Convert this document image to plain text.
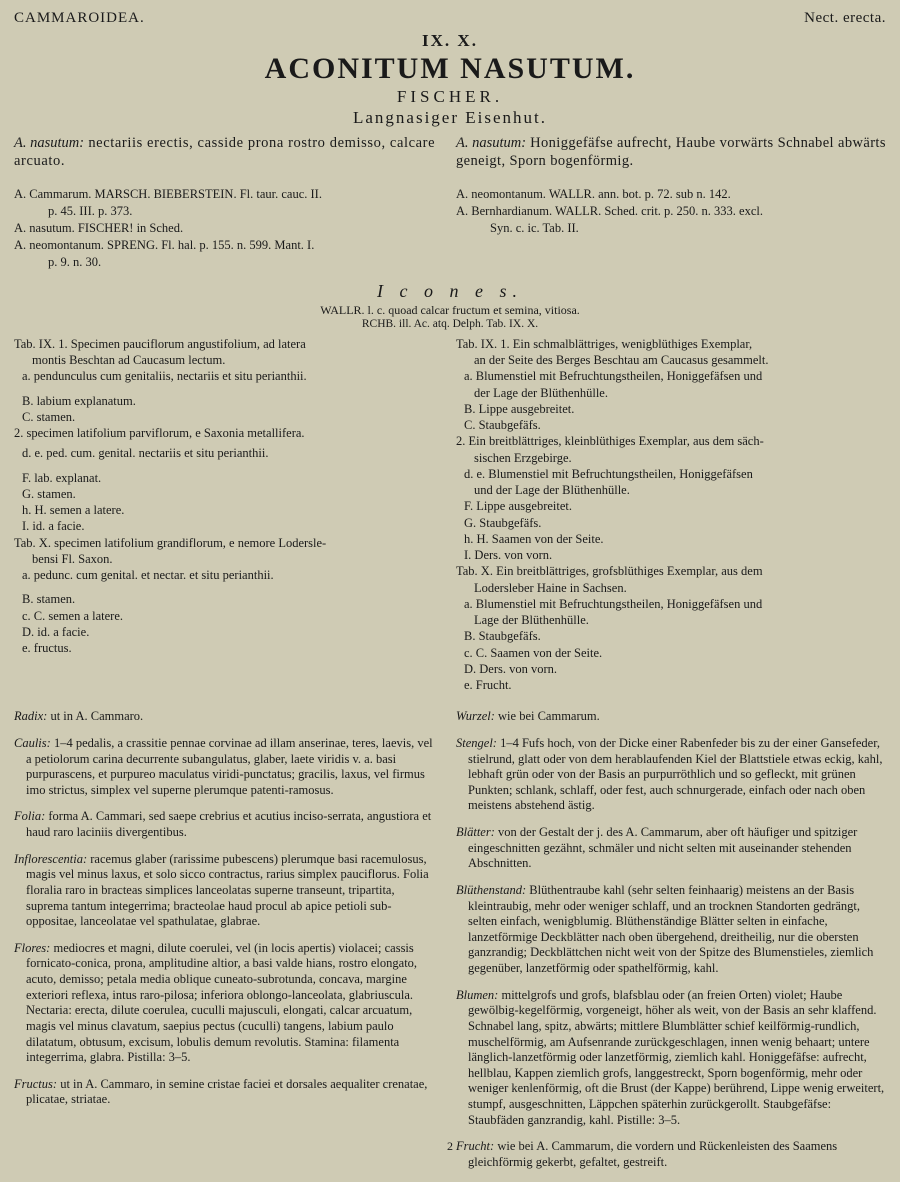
CAMMAROIDEA.	Nect. erecta.
IX. X.
ACONITUM NASUTUM.
FISCHER.
Langnasiger Eisenhut.
A. nasutum: nectariis erectis, casside prona rostro demisso, calcare arcuato.
A. nasutum: Honiggefäfse aufrecht, Haube vorwärts Schnabel abwärts geneigt, Sporn bogenförmig.

A. Cammarum. MARSCH. BIEBERSTEIN. Fl. taur. cauc. II.

p. 45. III. p. 373.

A. nasutum. FISCHER! in Sched.

A. neomontanum. SPRENG. Fl. hal. p. 155. n. 599. Mant. I.

p. 9. n. 30.

A. neomontanum. WALLR. ann. bot. p. 72. sub n. 142.

A. Bernhardianum. WALLR. Sched. crit. p. 250. n. 333. excl.

Syn. c. ic. Tab. II.

I c o n e s.
WALLR. l. c. quoad calcar fructum et semina, vitiosa.
RCHB. ill. Ac. atq. Delph. Tab. IX. X.

Tab. IX. 1. Specimen pauciflorum angustifolium, ad latera

montis Beschtan ad Caucasum lectum.

a. pendunculus cum genitaliis, nectariis et situ perianthii.

B. labium explanatum.

C. stamen.

2. specimen latifolium parviflorum, e Saxonia metallifera.

d. e. ped. cum. genital. nectariis et situ perianthii.

F. lab. explanat.

G. stamen.

h. H. semen a latere.

I. id. a facie.

Tab. X. specimen latifolium grandiflorum, e nemore Lodersle-

bensi Fl. Saxon.

a. pedunc. cum genital. et nectar. et situ perianthii.

B. stamen.

c. C. semen a latere.

D. id. a facie.

e. fructus.

Tab. IX. 1. Ein schmalblättriges, wenigblüthiges Exemplar,

an der Seite des Berges Beschtau am Caucasus gesammelt.

a. Blumenstiel mit Befruchtungstheilen, Honiggefäfsen und

der Lage der Blüthenhülle.

B. Lippe ausgebreitet.

C. Staubgefäfs.

2. Ein breitblättriges, kleinblüthiges Exemplar, aus dem säch-

sischen Erzgebirge.

d. e. Blumenstiel mit Befruchtungstheilen, Honiggefäfsen

und der Lage der Blüthenhülle.

F. Lippe ausgebreitet.

G. Staubgefäfs.

h. H. Saamen von der Seite.

I. Ders. von vorn.

Tab. X. Ein breitblättriges, grofsblüthiges Exemplar, aus dem

Lodersleber Haine in Sachsen.

a. Blumenstiel mit Befruchtungstheilen, Honiggefäfsen und

Lage der Blüthenhülle.

B. Staubgefäfs.

c. C. Saamen von der Seite.

D. Ders. von vorn.

e. Frucht.

Radix: ut in A. Cammaro.

Caulis: 1–4 pedalis, a crassitie pennae corvinae ad illam anserinae, teres, laevis, vel a petiolorum carina decurrente subangulatus, glaber, laete viridis v. a. basi purpurascens, et purpureo maculatus viridi-punctatus; gracilis, laxus, vel firmus imo strictus, simplex vel superne plerumque patenti-ramosus.

Folia: forma A. Cammari, sed saepe crebrius et acutius inciso-serrata, angustiora et haud raro laciniis divergentibus.

Inflorescentia: racemus glaber (rarissime pubescens) plerumque basi racemulosus, magis vel minus laxus, et solo sicco contractus, rarius simplex pauciflorus. Folia floralia raro in bracteas simplices lanceolatas superne transeunt, tripartita, suprema tantum integerrima; bracteolae haud procul ab apice petioli sub-oppositae, lanceolatae vel spathulatae, glabrae.

Flores: mediocres et magni, dilute coerulei, vel (in locis apertis) violacei; cassis fornicato-conica, prona, amplitudine altior, a basi valde hians, rostro elongato, acuto, demisso; petala media oblique cuneato-subrotunda, concava, margine exteriori reflexa, intus raro-pilosa; inferiora oblongo-lanceolata, glabriuscula. Nectaria: erecta, dilute coerulea, cuculli majusculi, elongati, calcar arcuatum, magis vel minus clavatum, saepius pectus (cuculli) tangens, labium paulo dilatatum, obtusum, excisum, lobulis demum revolutis. Stamina: filamenta integerrima, glabra. Pistilla: 3–5.

Fructus: ut in A. Cammaro, in semine cristae faciei et dorsales aequaliter crenatae, plicatae, striatae.

Wurzel: wie bei Cammarum.

Stengel: 1–4 Fufs hoch, von der Dicke einer Rabenfeder bis zu der einer Gansefeder, stielrund, glatt oder von dem herablaufenden Kiel der Blattstiele etwas eckig, kahl, lebhaft grün oder von der Basis an purpurröthlich und so gefleckt, mit grünen Punkten; schlank, schlaff, oder fest, auch schnurgerade, einfach oder nach oben meistens abstehend ästig.

Blätter: von der Gestalt der j. des A. Cammarum, aber oft häufiger und spitziger eingeschnitten gezähnt, schmäler und nicht selten mit auseinander stehenden Abschnitten.

Blüthenstand: Blüthentraube kahl (sehr selten feinhaarig) meistens an der Basis kleintraubig, mehr oder weniger schlaff, und an trocknen Standorten gedrängt, selten einfach, wenigblumig. Blüthenständige Blätter selten in einfache, lanzetförmige Deckblätter nach oben übergehend, dreitheilig, nur die obersten ganzrandig; Deckblättchen nicht weit von der Spitze des Blumenstieles, ziemlich gegenüber, lanzetförmig oder spathelförmig, kahl.

Blumen: mittelgrofs und grofs, blafsblau oder (an freien Orten) violet; Haube gewölbig-kegelförmig, vorgeneigt, höher als weit, von der Basis an sehr klaffend. Schnabel lang, spitz, abwärts; mittlere Blumblätter schief keilförmig-rundlich, muschelförmig, am Aufsenrande zurückgeschlagen, innen wenig behaart; untere länglich-lanzetförmig oder lanzetförmig, ziemlich kahl. Honiggefäfse: aufrecht, hellblau, Kappen ziemlich grofs, langgestreckt, Sporn bogenförmig, mehr oder weniger kenlenförmig, oft die Brust (der Kappe) berührend, Lippe wenig erweitert, stumpf, ausgeschnitten, Läppchen späterhin zurückgerollt. Staubgefäfse: Staubfäden ganzrandig, kahl. Pistille: 3–5.

Frucht: wie bei A. Cammarum, die vordern und Rückenleisten des Saamens gleichförmig gekerbt, gefaltet, gestreift.

2
